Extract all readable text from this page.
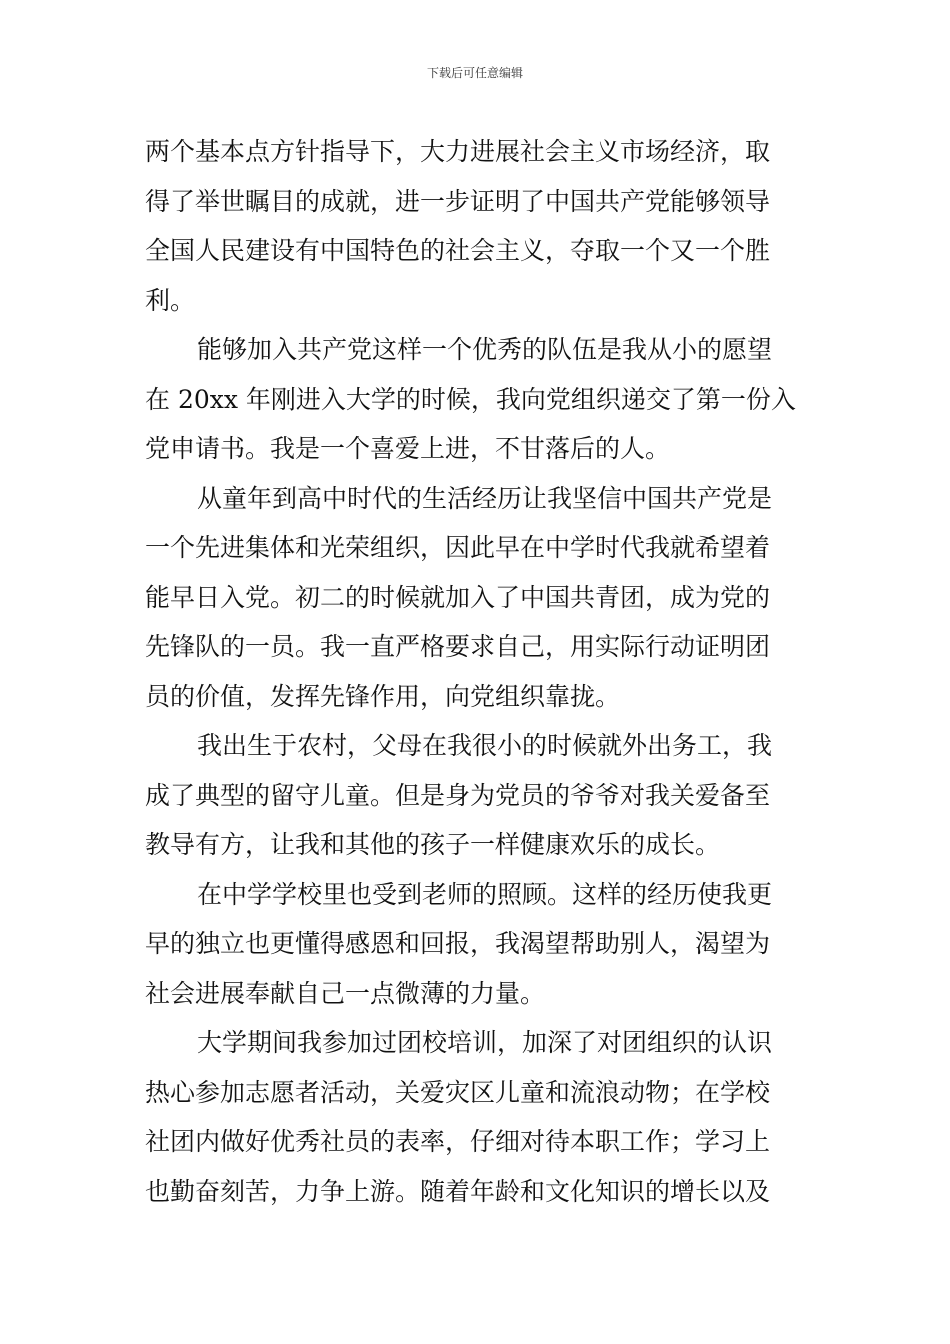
下载后可任意编辑
两个基本点方针指导下，大力进展社会主义市场经济，取
得了举世瞩目的成就，进一步证明了中国共产党能够领导
全国人民建设有中国特色的社会主义，夺取一个又一个胜
利。
能够加入共产党这样一个优秀的队伍是我从小的愿望
在 20xx 年刚进入大学的时候，我向党组织递交了第一份入
党申请书。我是一个喜爱上进，不甘落后的人。
从童年到高中时代的生活经历让我坚信中国共产党是
一个先进集体和光荣组织，因此早在中学时代我就希望着
能早日入党。初二的时候就加入了中国共青团，成为党的
先锋队的一员。我一直严格要求自己，用实际行动证明团
员的价值，发挥先锋作用，向党组织靠拢。
我出生于农村，父母在我很小的时候就外出务工，我
成了典型的留守儿童。但是身为党员的爷爷对我关爱备至
教导有方，让我和其他的孩子一样健康欢乐的成长。
在中学学校里也受到老师的照顾。这样的经历使我更
早的独立也更懂得感恩和回报，我渴望帮助别人，渴望为
社会进展奉献自己一点微薄的力量。
大学期间我参加过团校培训，加深了对团组织的认识
热心参加志愿者活动，关爱灾区儿童和流浪动物；在学校
社团内做好优秀社员的表率，仔细对待本职工作；学习上
也勤奋刻苦，力争上游。随着年龄和文化知识的增长以及
